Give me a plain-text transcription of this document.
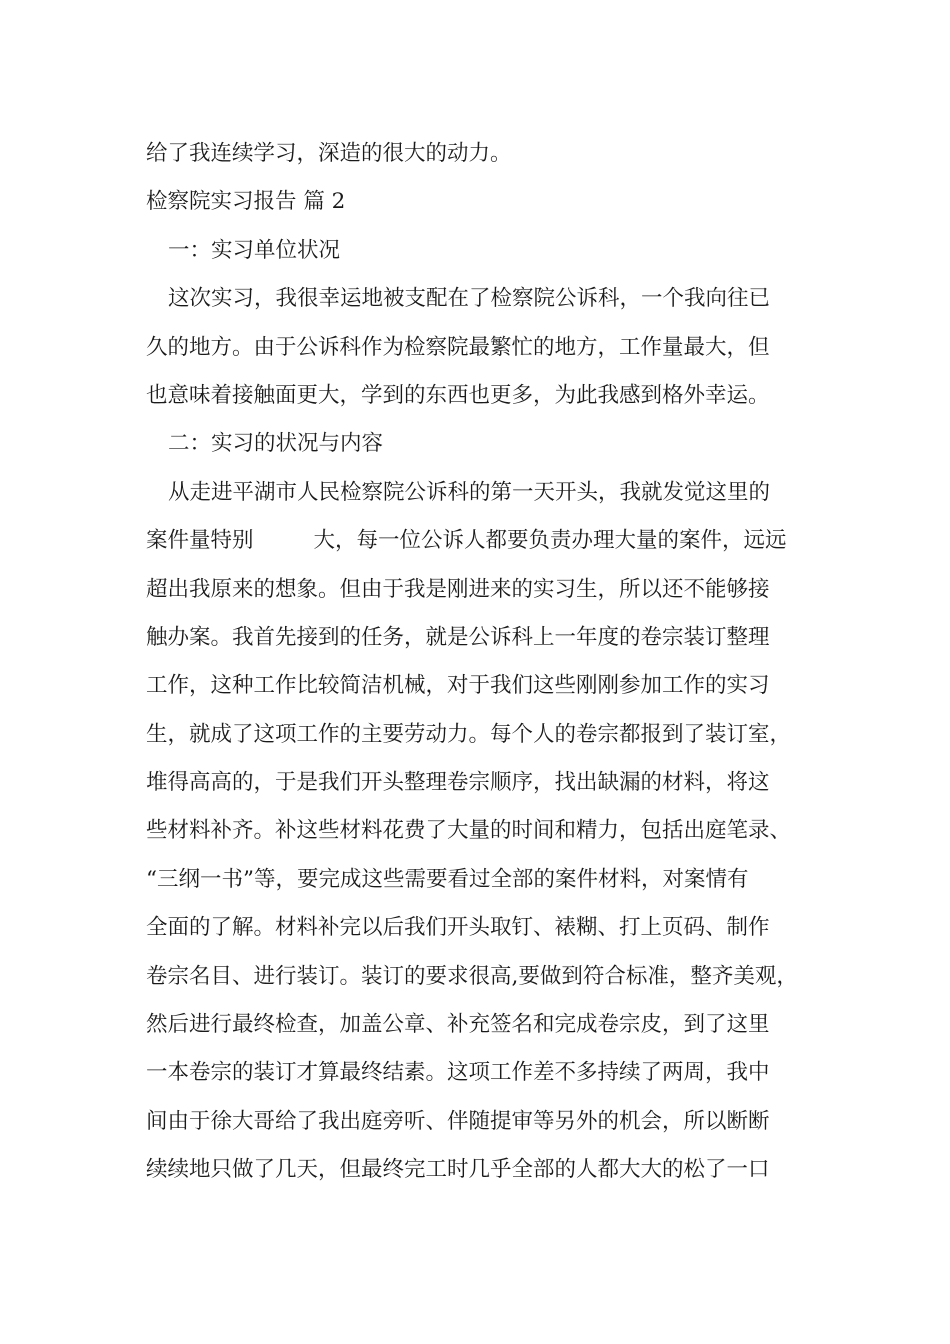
给了我连续学习，深造的很大的动力。
检察院实习报告 篇 2
一：实习单位状况
这次实习，我很幸运地被支配在了检察院公诉科，一个我向往已
久的地方。由于公诉科作为检察院最繁忙的地方，工作量最大，但
也意味着接触面更大，学到的东西也更多，为此我感到格外幸运。
二：实习的状况与内容
从走进平湖市人民检察院公诉科的第一天开头，我就发觉这里的
案件量特别	大，每一位公诉人都要负责办理大量的案件，远远
超出我原来的想象。但由于我是刚进来的实习生，所以还不能够接
触办案。我首先接到的任务，就是公诉科上一年度的卷宗装订整理
工作，这种工作比较简洁机械，对于我们这些刚刚参加工作的实习
生，就成了这项工作的主要劳动力。每个人的卷宗都报到了装订室，
堆得高高的，于是我们开头整理卷宗顺序，找出缺漏的材料，将这
些材料补齐。补这些材料花费了大量的时间和精力，包括出庭笔录、
“三纲一书”等，要完成这些需要看过全部的案件材料，对案情有
全面的了解。材料补完以后我们开头取钉、裱糊、打上页码、制作
卷宗名目、进行装订。装订的要求很高,要做到符合标准，整齐美观，
然后进行最终检查，加盖公章、补充签名和完成卷宗皮，到了这里
一本卷宗的装订才算最终结素。这项工作差不多持续了两周，我中
间由于徐大哥给了我出庭旁听、伴随提审等另外的机会，所以断断
续续地只做了几天，但最终完工时几乎全部的人都大大的松了一口
